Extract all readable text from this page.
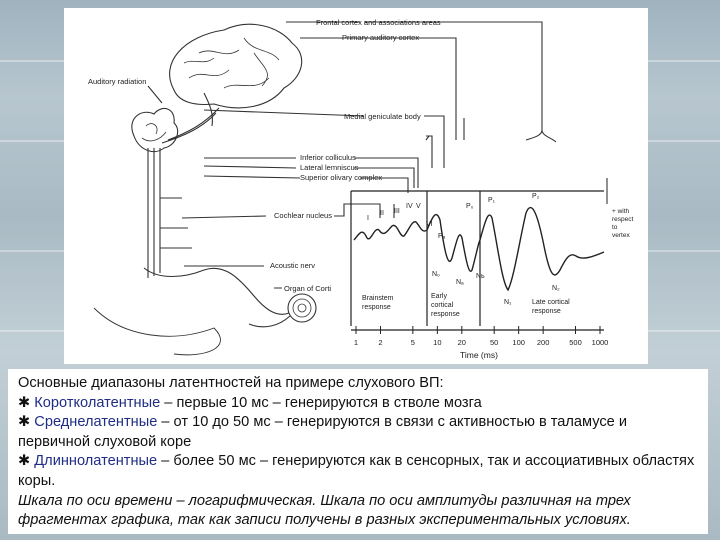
Frontal cortex and associations areas
Primary auditory cortex
Auditory radiation
Medial geniculate body
Inferior colliculus
Lateral lemniscus
Superior olivary complex
Cochlear nucleus
Acoustic nerv
Organ of Corti
I
II III
IV V
VI
P₀
Pₐ
N₀
Nₐ
Nь
P₁
N₁
P₂
N₂
Brainstem response
Early cortical response
Late cortical response
+ with respect to vertex
1	2	5 10 20	50 100 200	500 1000
Time (ms)

Основные диапазоны латентностей на примере слухового ВП:

✱ Коротколатентные – первые 10 мс – генерируются в стволе мозга

✱ Среднелатентные – от 10 до 50 мс – генерируются в связи с активностью в таламусе и первичной слуховой коре

✱ Длиннолатентные – более 50 мс – генерируются как в сенсорных, так и ассоциативных областях коры.

Шкала по оси времени – логарифмическая. Шкала по оси амплитуды различная на трех фрагментах графика, так как записи получены в разных экспериментальных условиях.
